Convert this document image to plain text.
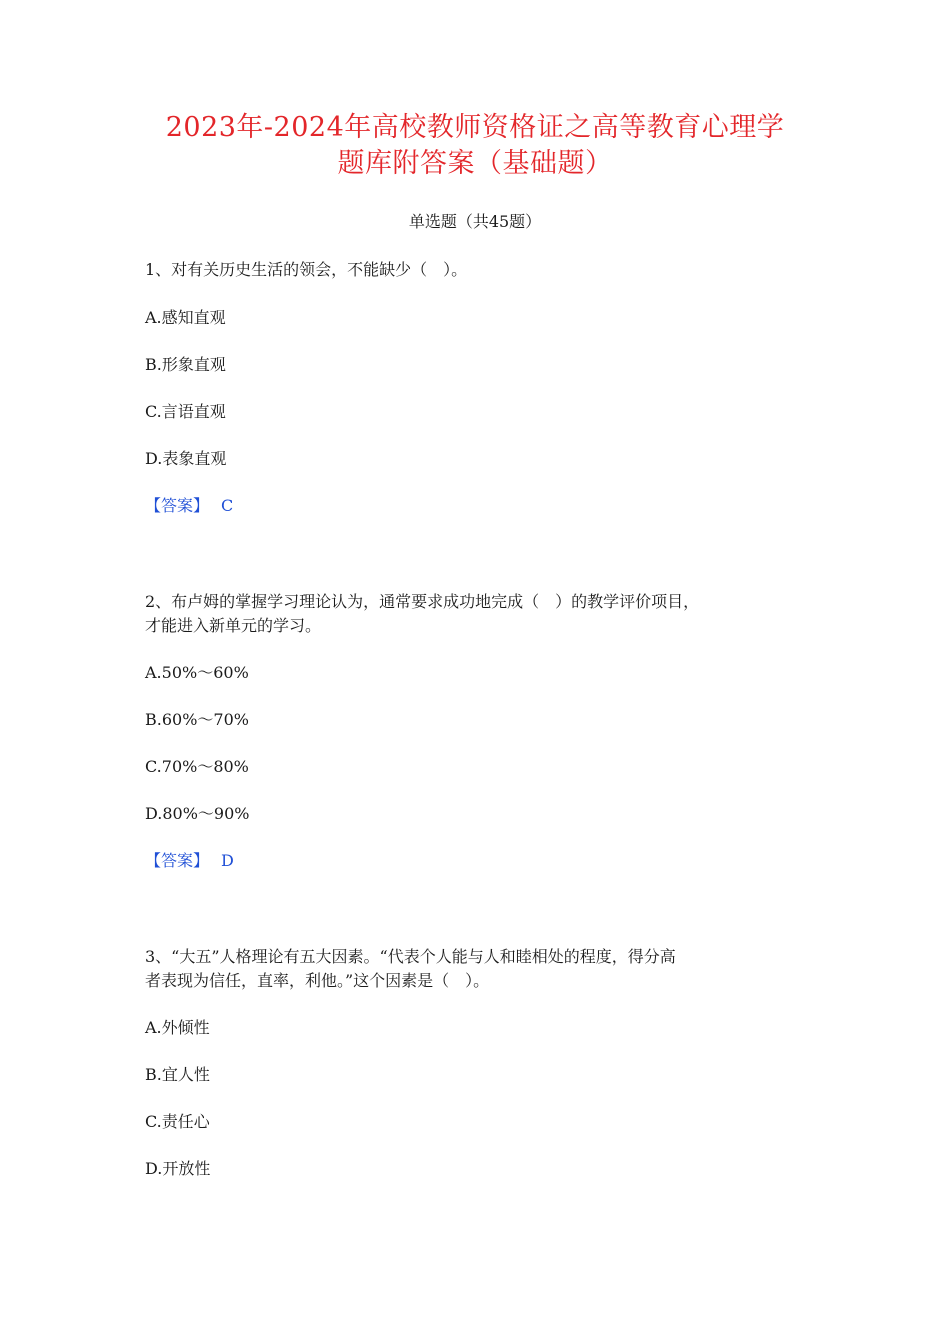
2023年-2024年高校教师资格证之高等教育心理学
题库附答案（基础题）
单选题（共45题）
1、对有关历史生活的领会，不能缺少（　）。
A.感知直观
B.形象直观
C.言语直观
D.表象直观
【答案】 C
2、布卢姆的掌握学习理论认为，通常要求成功地完成（　）的教学评价项目，
才能进入新单元的学习。
A.50%～60%
B.60%～70%
C.70%～80%
D.80%～90%
【答案】 D
3、“大五”人格理论有五大因素。“代表个人能与人和睦相处的程度，得分高
者表现为信任，直率，利他。”这个因素是（　）。
A.外倾性
B.宜人性
C.责任心
D.开放性
